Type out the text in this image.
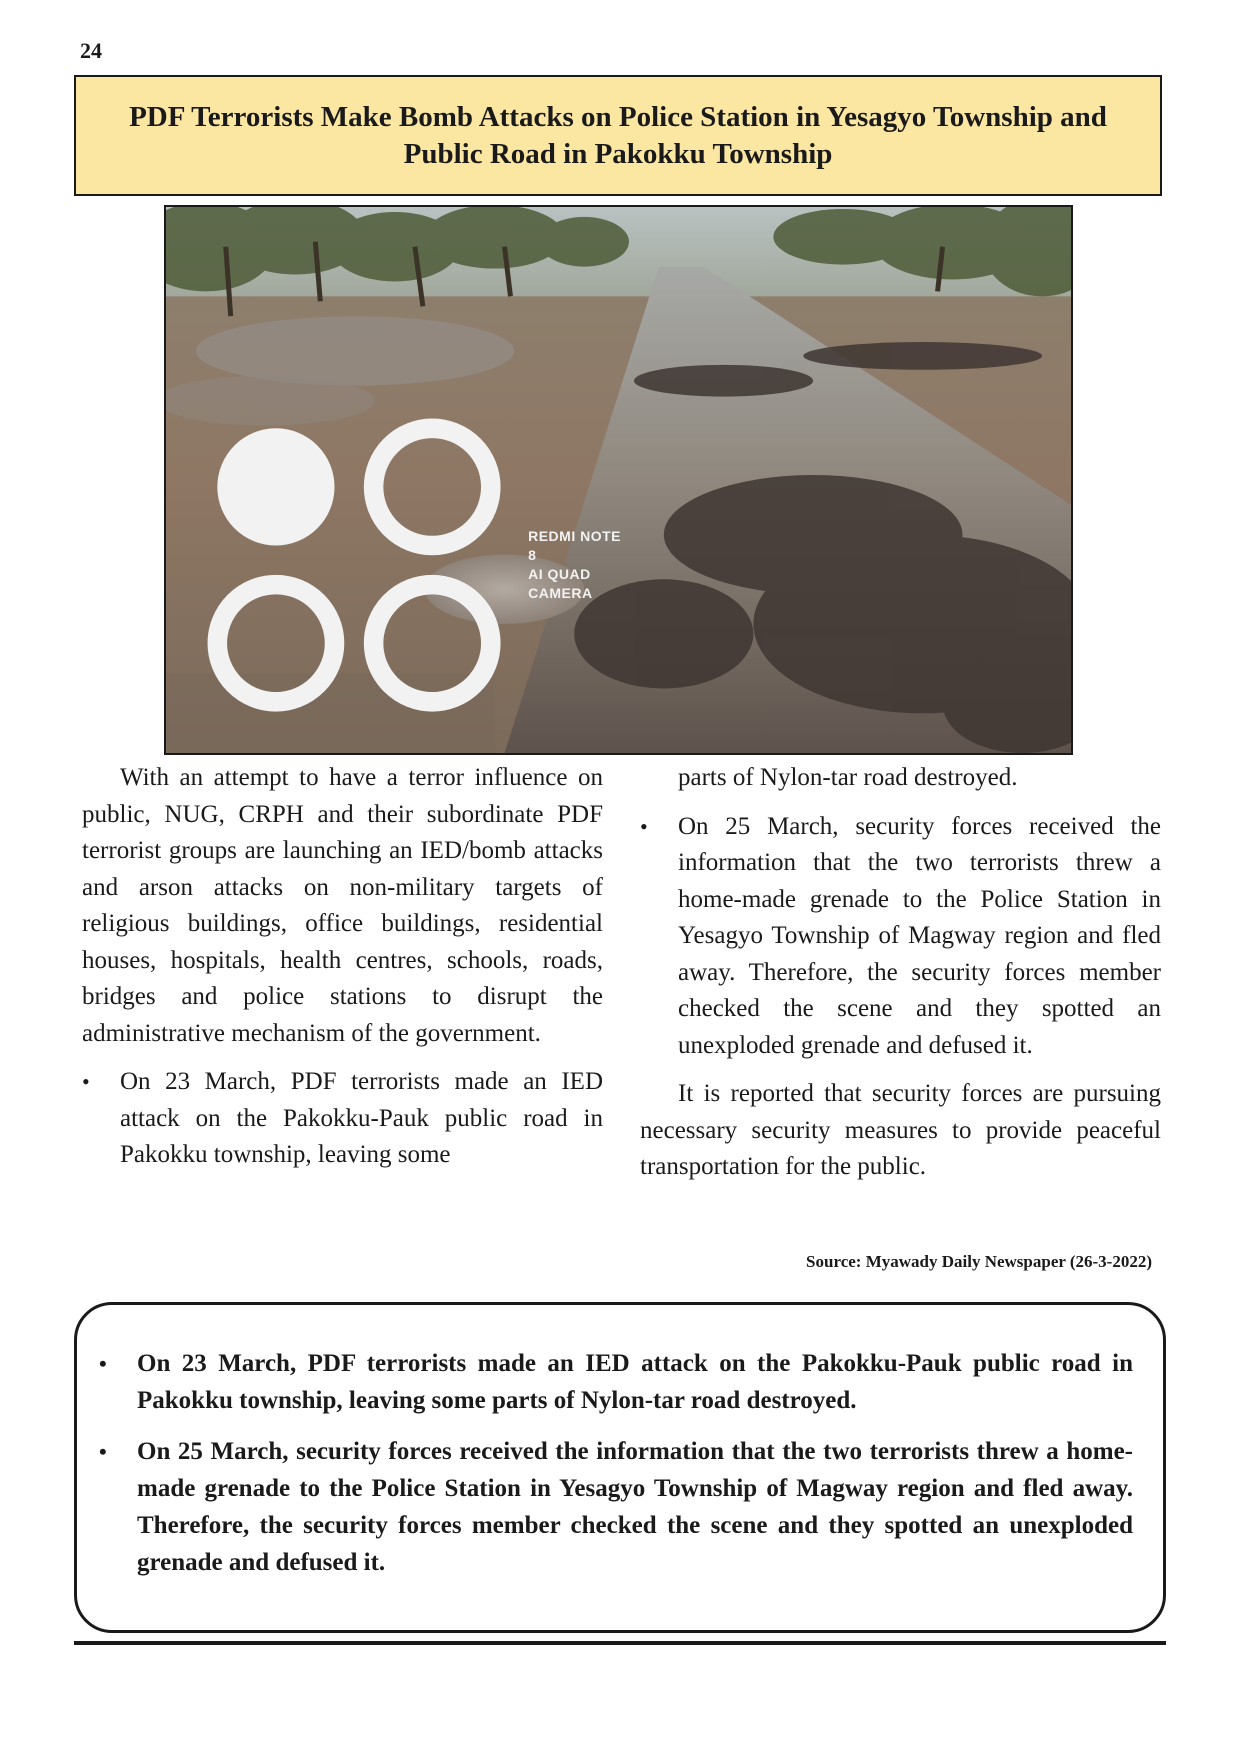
24
PDF Terrorists Make Bomb Attacks on Police Station in Yesagyo Township and Public Road in Pakokku Township
REDMI NOTE 8
AI QUAD CAMERA

With an attempt to have a terror influence on public, NUG, CRPH and their subordinate PDF terrorist groups are launching an IED/bomb attacks and arson attacks on non-military targets of religious buildings, office buildings, residential houses, hospitals, health centres, schools, roads, bridges and police stations to disrupt the administrative mechanism of the government.

•	On 23 March, PDF terrorists made an IED attack on the Pakokku-Pauk public road in Pakokku township, leaving some

parts of Nylon-tar road destroyed.

•	On 25 March, security forces received the information that the two terrorists threw a home-made grenade to the Police Station in Yesagyo Township of Magway region and fled away. Therefore, the security forces member checked the scene and they spotted an unexploded grenade and defused it.

It is reported that security forces are pursuing necessary security measures to provide peaceful transportation for the public.

Source: Myawady Daily Newspaper (26-3-2022)

•	On 23 March, PDF terrorists made an IED attack on the Pakokku-Pauk public road in Pakokku township, leaving some parts of Nylon-tar road destroyed.

•	On 25 March, security forces received the information that the two terrorists threw a home-made grenade to the Police Station in Yesagyo Township of Magway region and fled away. Therefore, the security forces member checked the scene and they spotted an unexploded grenade and defused it.
